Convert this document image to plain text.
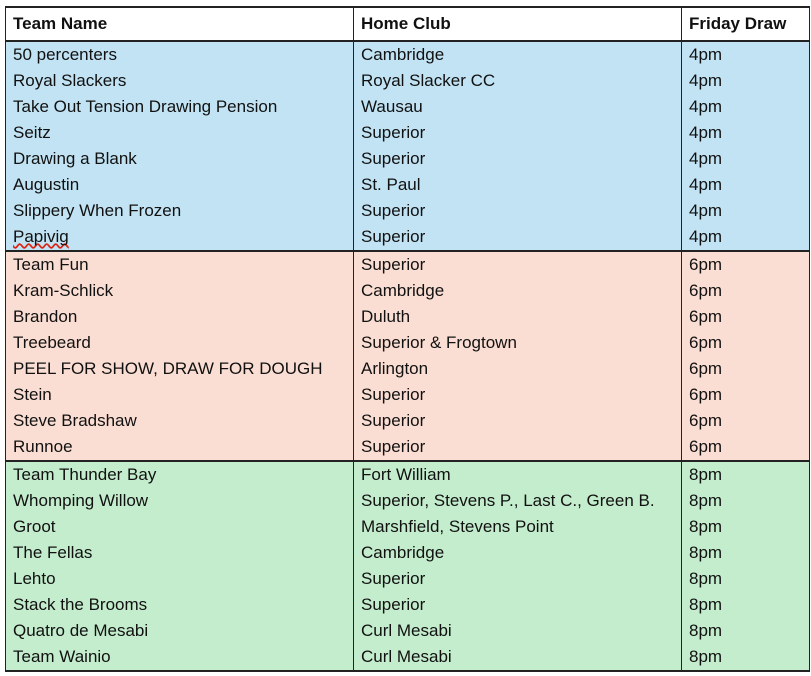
Team Name	Home Club	Friday Draw
50 percenters	Cambridge	4pm
Royal Slackers	Royal Slacker CC	4pm
Take Out Tension Drawing Pension	Wausau	4pm
Seitz	Superior	4pm
Drawing a Blank	Superior	4pm
Augustin	St. Paul	4pm
Slippery When Frozen	Superior	4pm
Papivig	Superior	4pm
Team Fun	Superior	6pm
Kram-Schlick	Cambridge	6pm
Brandon	Duluth	6pm
Treebeard	Superior & Frogtown	6pm
PEEL FOR SHOW, DRAW FOR DOUGH	Arlington	6pm
Stein	Superior	6pm
Steve Bradshaw	Superior	6pm
Runnoe	Superior	6pm
Team Thunder Bay	Fort William	8pm
Whomping Willow	Superior, Stevens P., Last C., Green B.	8pm
Groot	Marshfield, Stevens Point	8pm
The Fellas	Cambridge	8pm
Lehto	Superior	8pm
Stack the Brooms	Superior	8pm
Quatro de Mesabi	Curl Mesabi	8pm
Team Wainio	Curl Mesabi	8pm
